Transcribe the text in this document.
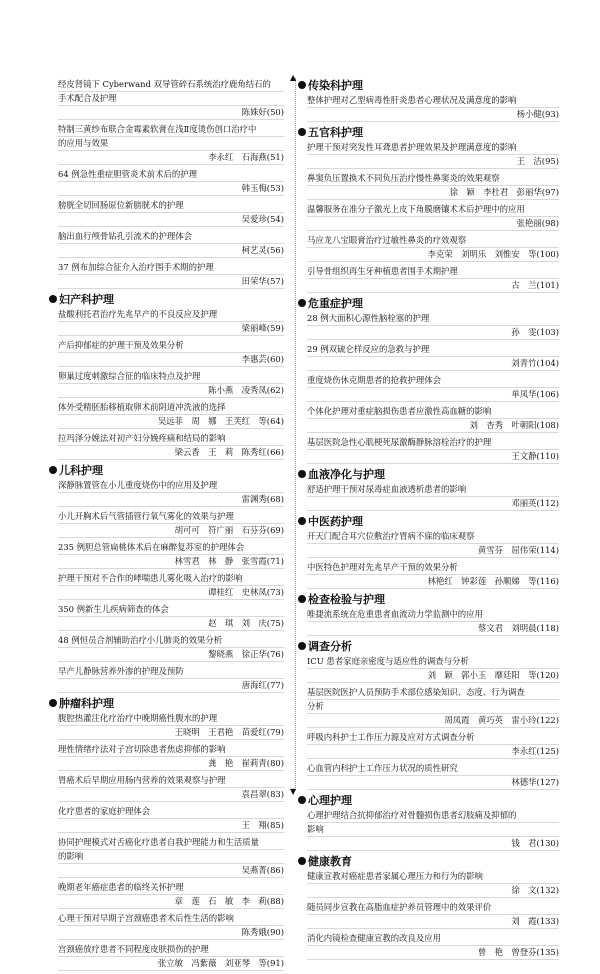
经皮肾镜下 Cyberwand 双导管碎石系统治疗鹿角结石的
手术配合及护理
陈姝好(50)
特制三黄纱布联合金霉素软膏在浅Ⅱ度烫伤创口治疗中
的应用与效果
李永红　石海燕(51)
64 例急性重症胆管炎术前术后的护理
韩玉梅(53)
膀胱全切回肠原位新膀胱术的护理
吴爱珍(54)
脑出血行颅骨钻孔引流术的护理体会
柯艺灵(56)
37 例布加综合征介入治疗围手术期的护理
田荣华(57)
妇产科护理
盐酸利托君治疗先兆早产的不良反应及护理
梁丽峰(59)
产后抑郁症的护理干预及效果分析
李惠芸(60)
卵巢过度刺激综合征的临床特点及护理
陈小燕　凌秀凤(62)
体外受精胚胎移植取卵术前阴道冲洗液的选择
吴远菲　周　娜　王芙红　等(64)
拉玛泽分娩法对初产妇分娩疼痛和结局的影响
梁云香　王　莉　陈秀红(66)
儿科护理
深静脉置管在小儿重度烧伤中的应用及护理
雷渊秀(68)
小儿开胸术后气管插管行氧气雾化的效果与护理
胡可可　符广丽　石芬芬(69)
235 例胆总管扁桃体术后在麻醉复苏室的护理体会
林雪君　林　静　张雪霞(71)
护理干预对不合作的哮喘患儿雾化吸入治疗的影响
谭桂红　史林凤(73)
350 例新生儿疾病筛查的体会
赵　琪　刘　庆(75)
48 例恒员合剂辅助治疗小儿肺炎的效果分析
黎晓燕　徐正华(76)
早产儿静脉营养外渗的护理及预防
唐海红(77)
肿瘤科护理
腹腔热灌注化疗治疗中晚期癌性腹水的护理
王晓明　王君艳　苗爱红(79)
理性情绪疗法对子宫切除患者焦虑抑郁的影响
龚　艳　崔莉青(80)
胃癌术后早期应用肠内营养的效果观察与护理
袁昌翠(83)
化疗患者的家庭护理体会
王　翔(85)
协同护理模式对舌癌化疗患者自我护理能力和生活质量
的影响
吴燕菁(86)
晚期老年癌症患者的临终关怀护理
章　莲　石　敏　李　莉(88)
心理干预对早期子宫颈癌患者术后性生活的影响
陈秀娥(90)
宫颈癌放疗患者不同程度皮肤损伤的护理
张立敏　冯紫薇　刘亚琴　等(91)
▲
▼
传染科护理
整体护理对乙型病毒性肝炎患者心理状况及满意度的影响
杨小健(93)
五官科护理
护理干预对突发性耳聋患者护理效果及护理满意度的影响
王　洁(95)
鼻窦负压置换术不同负压治疗慢性鼻窦炎的效果观察
徐　颖　李杜君　彭丽华(97)
温馨服务在准分子激光上皮下角膜磨镶术术后护理中的应用
张艳丽(98)
马应龙八宝眼膏治疗过敏性鼻炎的疗效观察
李克荣　刘明乐　刘惟安　等(100)
引导骨组织再生牙种植患者围手术期护理
古　兰(101)
危重症护理
28 例大面积心源性脑栓塞的护理
孙　雯(103)
29 例双硫仑样反应的急救与护理
刘青竹(104)
重度烧伤休克期患者的抢救护理体会
单凤华(106)
个体化护理对重症脑损伤患者应激性高血糖的影响
刘　杏秀　叶朝阳(108)
基层医院急性心肌梗死尿激酶静脉溶栓治疗的护理
王文静(110)
血液净化与护理
舒适护理干预对尿毒症血液透析患者的影响
邓丽英(112)
中医药护理
开天门配合耳穴位敷治疗胃病不寐的临床观察
黄雪芬　屈伟荣(114)
中医特色护理对先兆早产干预的效果分析
林艳红　钟彩莲　孙顺娣　等(116)
检查检验与护理
唯捷流系统在危重患者血流动力学监测中的应用
蔡文君　刘明晨(118)
调查分析
ICU 患者家庭亲密度与适应性的调查与分析
刘　颖　郭小玉　靡廷阳　等(120)
基层医院医护人员预防手术部位感染知识、态度、行为调查
分析
周凤霞　黄巧英　雷小玲(122)
呼吸内科护士工作压力源及应对方式调查分析
李永红(125)
心血管内科护士工作压力状况的质性研究
林德华(127)
心理护理
心理护理结合抗抑郁治疗对骨髓损伤患者幻肢痛及抑郁的
影响
钱　君(130)
健康教育
健康宣教对癌症患者家属心理压力和行为的影响
徐　文(132)
随员同步宣教在高脂血症护养员管理中的效果评价
刘　霞(133)
消化内镜检查健康宣教的改良及应用
曾　艳　曾登芬(135)
